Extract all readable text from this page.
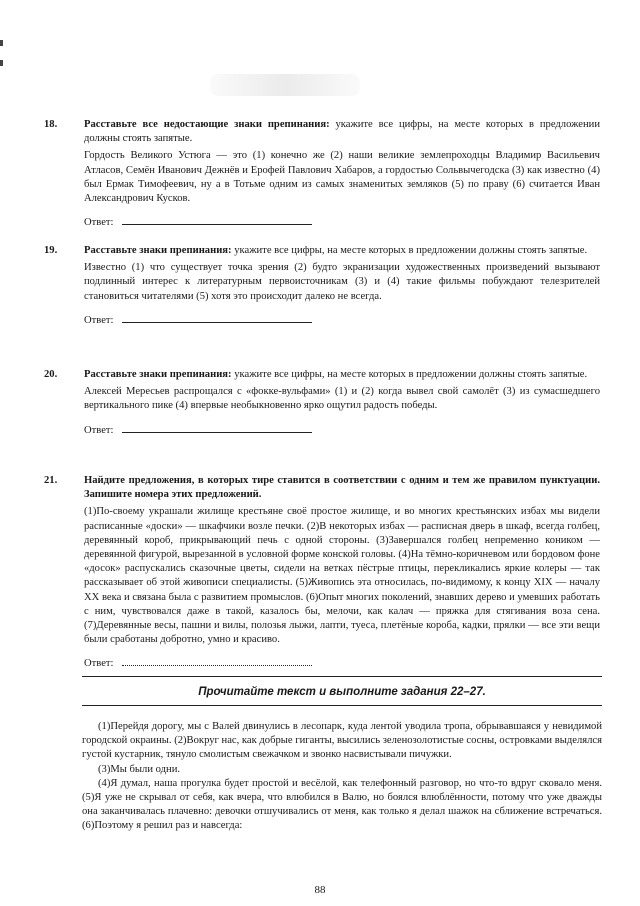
18.	Расставьте все недостающие знаки препинания: укажите все цифры, на месте которых в предложении должны стоять запятые.
Гордость Великого Устюга — это (1) конечно же (2) наши великие землепроходцы Владимир Васильевич Атласов, Семён Иванович Дежнёв и Ерофей Павлович Хабаров, а гордостью Сольвычегодска (3) как известно (4) был Ермак Тимофеевич, ну а в Тотьме одним из самых знаменитых земляков (5) по праву (6) считается Иван Александрович Кусков.
Ответ:
19.	Расставьте знаки препинания: укажите все цифры, на месте которых в предложении должны стоять запятые.
Известно (1) что существует точка зрения (2) будто экранизации художественных произведений вызывают подлинный интерес к литературным первоисточникам (3) и (4) такие фильмы побуждают телезрителей становиться читателями (5) хотя это происходит далеко не всегда.
Ответ:
20.	Расставьте знаки препинания: укажите все цифры, на месте которых в предложении должны стоять запятые.
Алексей Мересьев распрощался с «фокке-вульфами» (1) и (2) когда вывел свой самолёт (3) из сумасшедшего вертикального пике (4) впервые необыкновенно ярко ощутил радость победы.
Ответ:
21.	Найдите предложения, в которых тире ставится в соответствии с одним и тем же правилом пунктуации. Запишите номера этих предложений.
(1)По-своему украшали жилище крестьяне своё простое жилище, и во многих крестьянских избах мы видели расписанные «доски» — шкафчики возле печки. (2)В некоторых избах — расписная дверь в шкаф, всегда голбец, деревянный короб, прикрывающий печь с одной стороны. (3)Завершался голбец непременно коником — деревянной фигурой, вырезанной в условной форме конской головы. (4)На тёмно-коричневом или бордовом фоне «досок» распускались сказочные цветы, сидели на ветках пёстрые птицы, перекликались яркие колеры — так рассказывает об этой живописи специалисты. (5)Живопись эта относилась, по-видимому, к концу XIX — началу XX века и связана была с развитием промыслов. (6)Опыт многих поколений, знавших дерево и умевших работать с ним, чувствовался даже в такой, казалось бы, мелочи, как калач — пряжка для стягивания воза сена. (7)Деревянные весы, пашни и вилы, полозья лыжи, лапти, туеса, плетёные короба, кадки, прялки — все эти вещи были сработаны добротно, умно и красиво.
Ответ:
Прочитайте текст и выполните задания 22–27.

(1)Перейдя дорогу, мы с Валей двинулись в лесопарк, куда лентой уводила тропа, обрывавшаяся у невидимой городской окраины. (2)Вокруг нас, как добрые гиганты, высились зеленозолотистые сосны, островками выделялся густой кустарник, тянуло смолистым свежачком и звонко насвистывали пичужки.

(3)Мы были одни.

(4)Я думал, наша прогулка будет простой и весёлой, как телефонный разговор, но что-то вдруг сковало меня. (5)Я уже не скрывал от себя, как вчера, что влюбился в Валю, но боялся влюблённости, потому что уже дважды она заканчивалась плачевно: девочки отшучивались от меня, как только я делал шажок на сближение встречаться. (6)Поэтому я решил раз и навсегда:

88
